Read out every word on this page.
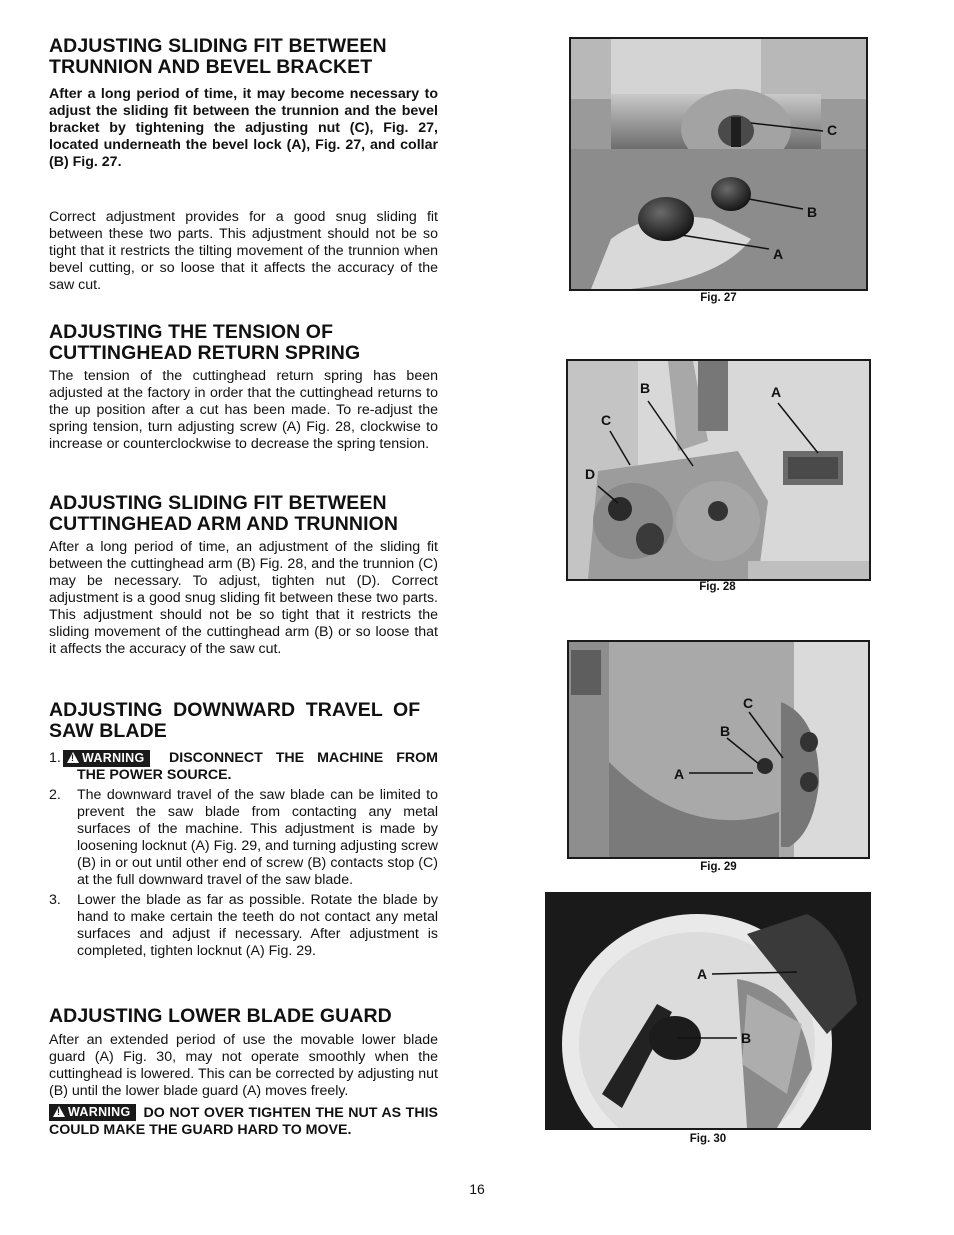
ADJUSTING SLIDING FIT BETWEEN
TRUNNION AND BEVEL BRACKET

After a long period of time, it may become necessary to adjust the sliding fit between the trunnion and the bevel bracket by tightening the adjusting nut (C), Fig. 27, located underneath the bevel lock (A), Fig. 27, and collar (B) Fig. 27.

Correct adjustment provides for a good snug sliding fit between these two parts. This adjustment should not be so tight that it restricts the tilting movement of the trunnion when bevel cutting, or so loose that it affects the accuracy of the saw cut.

ADJUSTING THE TENSION OF
CUTTINGHEAD RETURN SPRING

The tension of the cuttinghead return spring has been adjusted at the factory in order that the cuttinghead returns to the up position after a cut has been made. To re-adjust the spring tension, turn adjusting screw (A) Fig. 28, clockwise to increase or counterclockwise to decrease the spring tension.

ADJUSTING SLIDING FIT BETWEEN
CUTTINGHEAD ARM AND TRUNNION

After a long period of time, an adjustment of the sliding fit between the cuttinghead arm (B) Fig. 28, and the trunnion (C) may be necessary. To adjust, tighten nut (D). Correct adjustment is a good snug sliding fit between these two parts. This adjustment should not be so tight that it restricts the sliding movement of the cuttinghead arm (B) or so loose that it affects the accuracy of the saw cut.

ADJUSTING DOWNWARD TRAVEL OF
SAW BLADE
1.
!	WARNING	DISCONNECT THE MACHINE FROM THE POWER SOURCE.
2. The downward travel of the saw blade can be limited to prevent the saw blade from contacting any metal surfaces of the machine. This adjustment is made by loosening locknut (A) Fig. 29, and turning adjusting screw (B) in or out until other end of screw (B) contacts stop (C) at the full downward travel of the saw blade.
3. Lower the blade as far as possible. Rotate the blade by hand to make certain the teeth do not contact any metal surfaces and adjust if necessary. After adjustment is completed, tighten locknut (A) Fig. 29.
ADJUSTING LOWER BLADE GUARD

After an extended period of use the movable lower blade guard (A) Fig. 30, may not operate smoothly when the cuttinghead is lowered. This can be corrected by adjusting nut (B) until the lower blade guard (A) moves freely.

!WARNING DO NOT OVER TIGHTEN THE NUT AS THIS COULD MAKE THE GUARD HARD TO MOVE.

C
B
A
Fig. 27
B	A
C
D
Fig. 28
C
B
A
Fig. 29
A
B
Fig. 30
16
